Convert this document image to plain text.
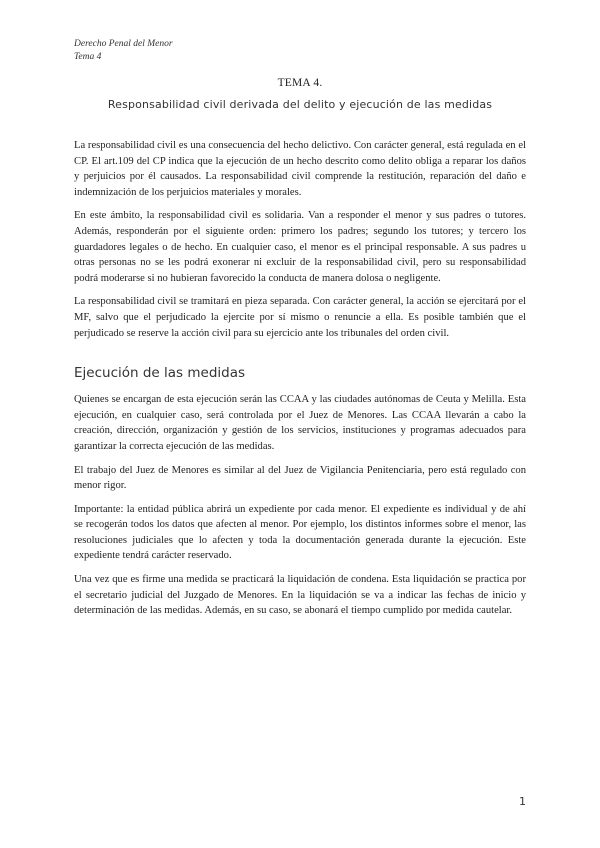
Derecho Penal del Menor
Tema 4

TEMA 4.

Responsabilidad civil derivada del delito y ejecución de las medidas

La responsabilidad civil es una consecuencia del hecho delictivo. Con carácter general, está regulada en el CP. El art.109 del CP indica que la ejecución de un hecho descrito como delito obliga a reparar los daños y perjuicios por él causados. La responsabilidad civil comprende la restitución, reparación del daño e indemnización de los perjuicios materiales y morales.

En este ámbito, la responsabilidad civil es solidaria. Van a responder el menor y sus padres o tutores. Además, responderán por el siguiente orden: primero los padres; segundo los tutores; y tercero los guardadores legales o de hecho. En cualquier caso, el menor es el principal responsable. A sus padres u otras personas no se les podrá exonerar ni excluir de la responsabilidad civil, pero su responsabilidad podrá moderarse si no hubieran favorecido la conducta de manera dolosa o negligente.

La responsabilidad civil se tramitará en pieza separada. Con carácter general, la acción se ejercitará por el MF, salvo que el perjudicado la ejercite por sí mismo o renuncie a ella. Es posible también que el perjudicado se reserve la acción civil para su ejercicio ante los tribunales del orden civil.

Ejecución de las medidas

Quienes se encargan de esta ejecución serán las CCAA y las ciudades autónomas de Ceuta y Melilla. Esta ejecución, en cualquier caso, será controlada por el Juez de Menores. Las CCAA llevarán a cabo la creación, dirección, organización y gestión de los servicios, instituciones y programas adecuados para garantizar la correcta ejecución de las medidas.

El trabajo del Juez de Menores es similar al del Juez de Vigilancia Penitenciaria, pero está regulado con menor rigor.

Importante: la entidad pública abrirá un expediente por cada menor. El expediente es individual y de ahí se recogerán todos los datos que afecten al menor. Por ejemplo, los distintos informes sobre el menor, las resoluciones judiciales que lo afecten y toda la documentación generada durante la ejecución. Este expediente tendrá carácter reservado.

Una vez que es firme una medida se practicará la liquidación de condena. Esta liquidación se practica por el secretario judicial del Juzgado de Menores. En la liquidación se va a indicar las fechas de inicio y determinación de las medidas. Además, en su caso, se abonará el tiempo cumplido por medida cautelar.

1
